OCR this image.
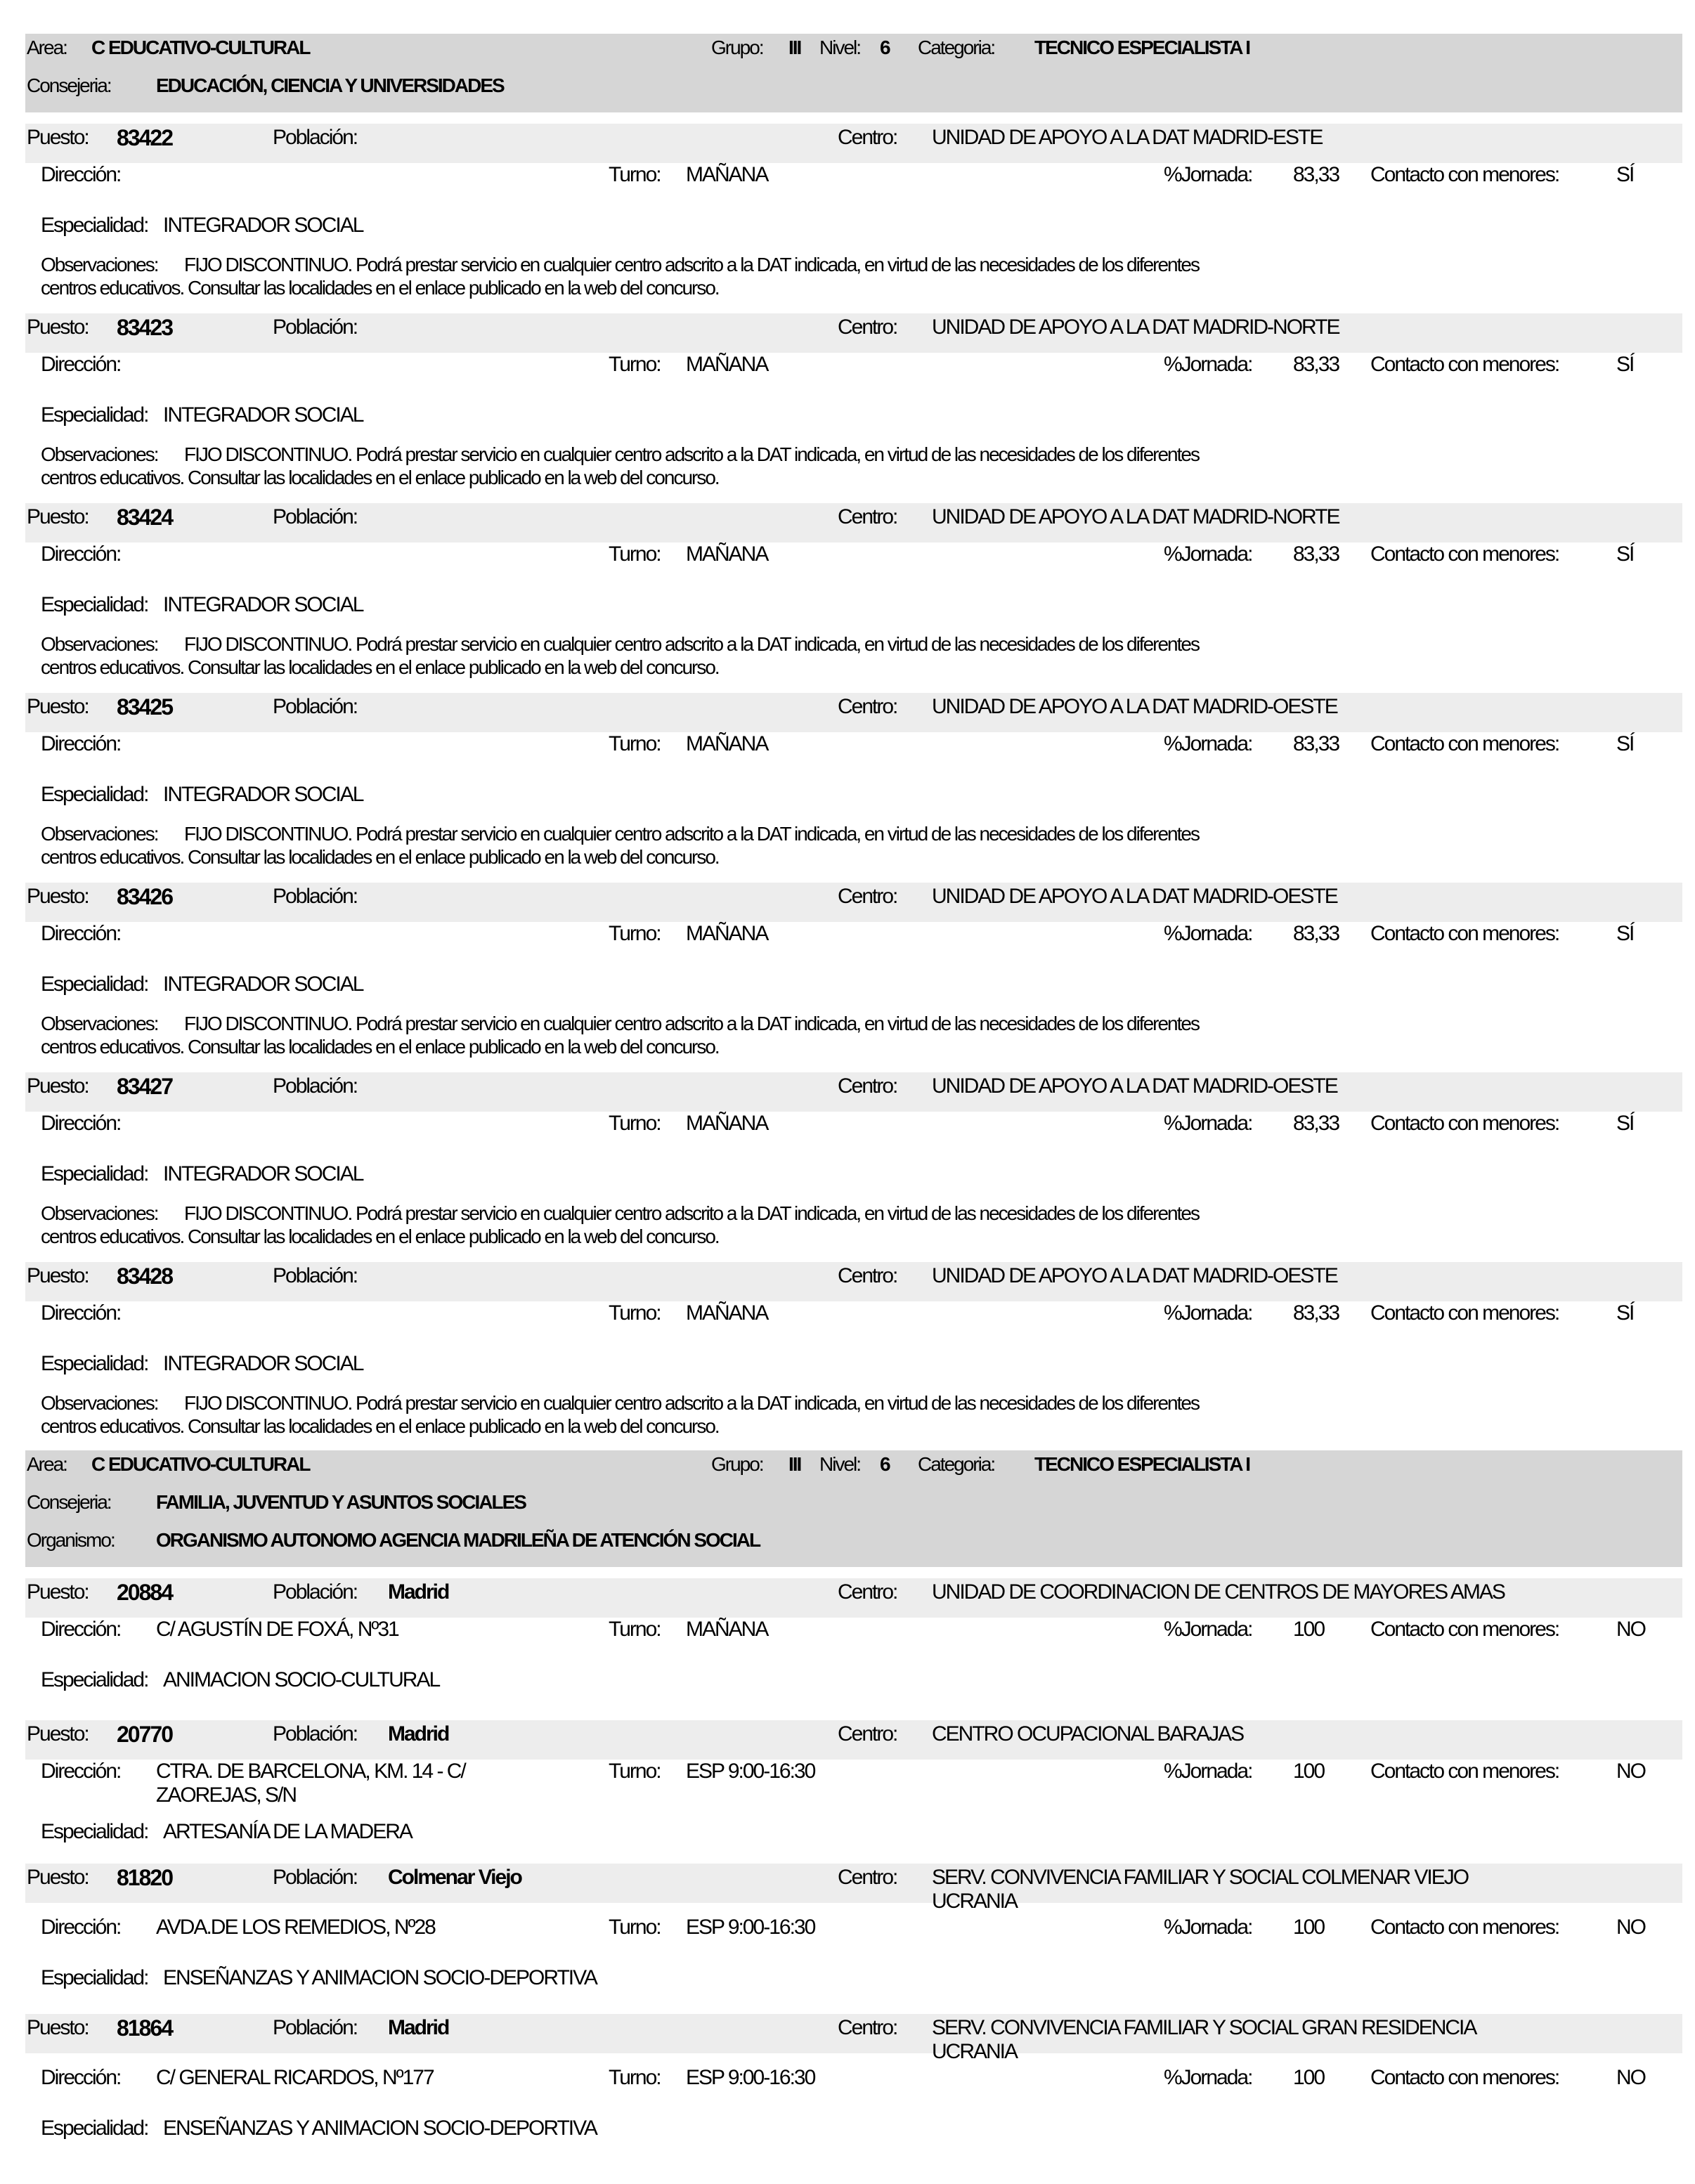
Area: C EDUCATIVO-CULTURAL	Grupo: III Nivel: 6 Categoria: TECNICO ESPECIALISTA I
Consejeria: EDUCACIÓN, CIENCIA Y UNIVERSIDADES
Puesto: 83422	Población:	Centro: UNIDAD DE APOYO A LA DAT MADRID-ESTE
Dirección:	Turno: MAÑANA	%Jornada: 83,33 Contacto con menores:	SÍ
Especialidad: INTEGRADOR SOCIAL
Observaciones: FIJO DISCONTINUO. Podrá prestar servicio en cualquier centro adscrito a la DAT indicada, en virtud de las necesidades de los diferentes
centros educativos. Consultar las localidades en el enlace publicado en la web del concurso.
Puesto: 83423	Población:	Centro: UNIDAD DE APOYO A LA DAT MADRID-NORTE
Dirección:	Turno: MAÑANA	%Jornada: 83,33 Contacto con menores:	SÍ
Especialidad: INTEGRADOR SOCIAL
Observaciones: FIJO DISCONTINUO. Podrá prestar servicio en cualquier centro adscrito a la DAT indicada, en virtud de las necesidades de los diferentes
centros educativos. Consultar las localidades en el enlace publicado en la web del concurso.
Puesto: 83424	Población:	Centro: UNIDAD DE APOYO A LA DAT MADRID-NORTE
Dirección:	Turno: MAÑANA	%Jornada: 83,33 Contacto con menores:	SÍ
Especialidad: INTEGRADOR SOCIAL
Observaciones: FIJO DISCONTINUO. Podrá prestar servicio en cualquier centro adscrito a la DAT indicada, en virtud de las necesidades de los diferentes
centros educativos. Consultar las localidades en el enlace publicado en la web del concurso.
Puesto: 83425	Población:	Centro: UNIDAD DE APOYO A LA DAT MADRID-OESTE
Dirección:	Turno: MAÑANA	%Jornada: 83,33 Contacto con menores:	SÍ
Especialidad: INTEGRADOR SOCIAL
Observaciones: FIJO DISCONTINUO. Podrá prestar servicio en cualquier centro adscrito a la DAT indicada, en virtud de las necesidades de los diferentes
centros educativos. Consultar las localidades en el enlace publicado en la web del concurso.
Puesto: 83426	Población:	Centro: UNIDAD DE APOYO A LA DAT MADRID-OESTE
Dirección:	Turno: MAÑANA	%Jornada: 83,33 Contacto con menores:	SÍ
Especialidad: INTEGRADOR SOCIAL
Observaciones: FIJO DISCONTINUO. Podrá prestar servicio en cualquier centro adscrito a la DAT indicada, en virtud de las necesidades de los diferentes
centros educativos. Consultar las localidades en el enlace publicado en la web del concurso.
Puesto: 83427	Población:	Centro: UNIDAD DE APOYO A LA DAT MADRID-OESTE
Dirección:	Turno: MAÑANA	%Jornada: 83,33 Contacto con menores:	SÍ
Especialidad: INTEGRADOR SOCIAL
Observaciones: FIJO DISCONTINUO. Podrá prestar servicio en cualquier centro adscrito a la DAT indicada, en virtud de las necesidades de los diferentes
centros educativos. Consultar las localidades en el enlace publicado en la web del concurso.
Puesto: 83428	Población:	Centro: UNIDAD DE APOYO A LA DAT MADRID-OESTE
Dirección:	Turno: MAÑANA	%Jornada: 83,33 Contacto con menores:	SÍ
Especialidad: INTEGRADOR SOCIAL
Observaciones: FIJO DISCONTINUO. Podrá prestar servicio en cualquier centro adscrito a la DAT indicada, en virtud de las necesidades de los diferentes
centros educativos. Consultar las localidades en el enlace publicado en la web del concurso.
Area: C EDUCATIVO-CULTURAL	Grupo: III Nivel: 6 Categoria: TECNICO ESPECIALISTA I
Consejeria: FAMILIA, JUVENTUD Y ASUNTOS SOCIALES
Organismo: ORGANISMO AUTONOMO AGENCIA MADRILEÑA DE ATENCIÓN SOCIAL
Puesto: 20884	Población: Madrid	Centro: UNIDAD DE COORDINACION DE CENTROS DE MAYORES AMAS
Dirección: C/ AGUSTÍN DE FOXÁ, Nº31	Turno: MAÑANA	%Jornada: 100 Contacto con menores:	NO
Especialidad: ANIMACION SOCIO-CULTURAL
Puesto: 20770	Población: Madrid	Centro: CENTRO OCUPACIONAL BARAJAS
Dirección: CTRA. DE BARCELONA, KM. 14 - C/
ZAOREJAS, S/N
Turno: ESP 9:00-16:30	%Jornada: 100 Contacto con menores:	NO
Especialidad: ARTESANÍA DE LA MADERA
Puesto: 81820	Población: Colmenar Viejo	Centro: SERV. CONVIVENCIA FAMILIAR Y SOCIAL COLMENAR VIEJO
UCRANIA
Dirección: AVDA.DE LOS REMEDIOS, Nº28	Turno: ESP 9:00-16:30	%Jornada: 100 Contacto con menores:	NO
Especialidad: ENSEÑANZAS Y ANIMACION SOCIO-DEPORTIVA
Puesto: 81864	Población: Madrid	Centro: SERV. CONVIVENCIA FAMILIAR Y SOCIAL GRAN RESIDENCIA
UCRANIA
Dirección: C/ GENERAL RICARDOS, Nº177	Turno: ESP 9:00-16:30	%Jornada: 100 Contacto con menores:	NO
Especialidad: ENSEÑANZAS Y ANIMACION SOCIO-DEPORTIVA
